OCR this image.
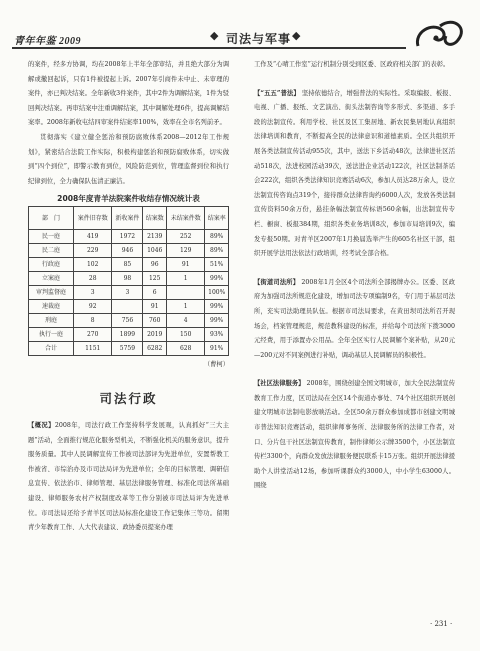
青年年鉴 2009	◆ 司法与军事 ◆

的案件，经多方协调，均在2008年上半年全部审结，并且绝大部分为调解或撤回起诉，只有1件被提起上诉。2007年引商件未中止、未审理的案件，亦已判决结案。全年新收3件案件，其中2件为调解结案，1件为驳回判决结案。再审结案中注重调解结案，其中调解处理6件，提高调解结案率。2008年新收屯结四审案件结案率100%，效率在全市名列前矛。

贯彻落实《建立健全惩治和预防腐败体系2008—2012年工作规划》，紧密结合法院工作实际，积极构建惩治和预防腐败体系，切实做到“四个到位”，即警示教育到位，风险防范到位，管理监督到位和执行纪律到位，全力确保队伍清正廉洁。

2008年度青羊法院案件收结存情况统计表
部　门	案件旧存数	新收案件	结案数	未结案件数	结案率
民一庭	419	1972	2139	252	89%
民二庭	229	946	1046	129	89%
行政庭	102	85	96	91	51%
立案庭	28	98	125	1	99%
审判监督庭	3	3	6		100%
速裁庭	92		91	1	99%
刑庭	8	756	760	4	99%
执行一庭	270	1899	2019	150	93%
合计	1151	5759	6282	628	91%
（曹柯）
司法行政

【概况】2008年，司法行政工作坚持科学发展观，认真抓好“三大主题”活动，全面推行规范化服务型机关，不断强化机关的服务意识，提升服务质量。其中人民调解宣传工作被司法部评为先进单位，安置帮教工作被省、市综治办及市司法局评为先进单位；全年的目标管理、调研信息宣传、依法治市、律师管理、基层法律服务管理、标准化司法所基础建设、律师服务农村产权制度改革等工作分别被市司法局评为先进单位。市司法局还给予青羊区司法局标准化建设工作记集体三等功。留期青少年教育工作、人大代表建议、政协委员提案办理

工作及“心晴工作室”运行机制分别受到区委、区政府相关部门的表彰。

【“五五”普法】 坚持依德结合，增强普法的实际性。采取编报、板报、电视、广播、报纸、文艺演出、街头法制咨询等多形式、多渠道、多手段的法制宣传。利用学校、社区及区工集居地、新农民集居地认真组织法律培训和教育，不断提高全民的法律意识和道德素质。全区共组织开展各类法制宣传活动955次，其中，送法下乡活动48次，法律进社区活动518次，法进校园活动39次，送法进企业活动122次，社区法制茶话会222次，组织各类法律知识竞赛活动6次，参加人员达28万余人，设立法制宣传咨询点319个，接待群众法律咨询约6000人次，发放各类法制宣传资料50余万份，悬挂条幅法制宣传标语560余幅，出法制宣传专栏、橱窗、板报384期，组织各类业务培训8次，参加市局培训9次，编发专报50期。对青羊区2007年1月换届选举产生的605名社区干部，组织开展学法用法依法行政培训，经考试全部合格。

【街道司法所】 2008年1月全区4个司法所全部揭牌办公。区委、区政府为加强司法所规范化建设，增加司法专项编制9名，专门用于基层司法所，充实司法助理员队伍。根据市司法局要求，在黄田坝司法所召开现场会，档案管理规范，规范教科建设的标准，并给每个司法所下拨3000元经费，用于添置办公用品。全年全区实行人民调解个案补贴，从20元—200元对不同案例进行补贴，调动基层人民调解员的积极性。

【社区法律服务】 2008年，围绕创建全国文明城市，加大全民法制宣传教育工作力度，区司法局在全区14个街道办事处、74个社区组织开展创建文明城市法制电影放映活动。全区50余万群众参加成都市创建文明城市普法知识竞赛活动，组织律师事务所、法律服务所的法律工作者，对口、分片包干社区法制宣传教育，制作律师公示牌3500个，小区法制宣传栏3300个，向群众发放法律服务便民联系卡15万张。组织开展法律援助个人讲堂活动12场，参加听课群众约3000人，中小学生63000人。围绕

· 231 ·
